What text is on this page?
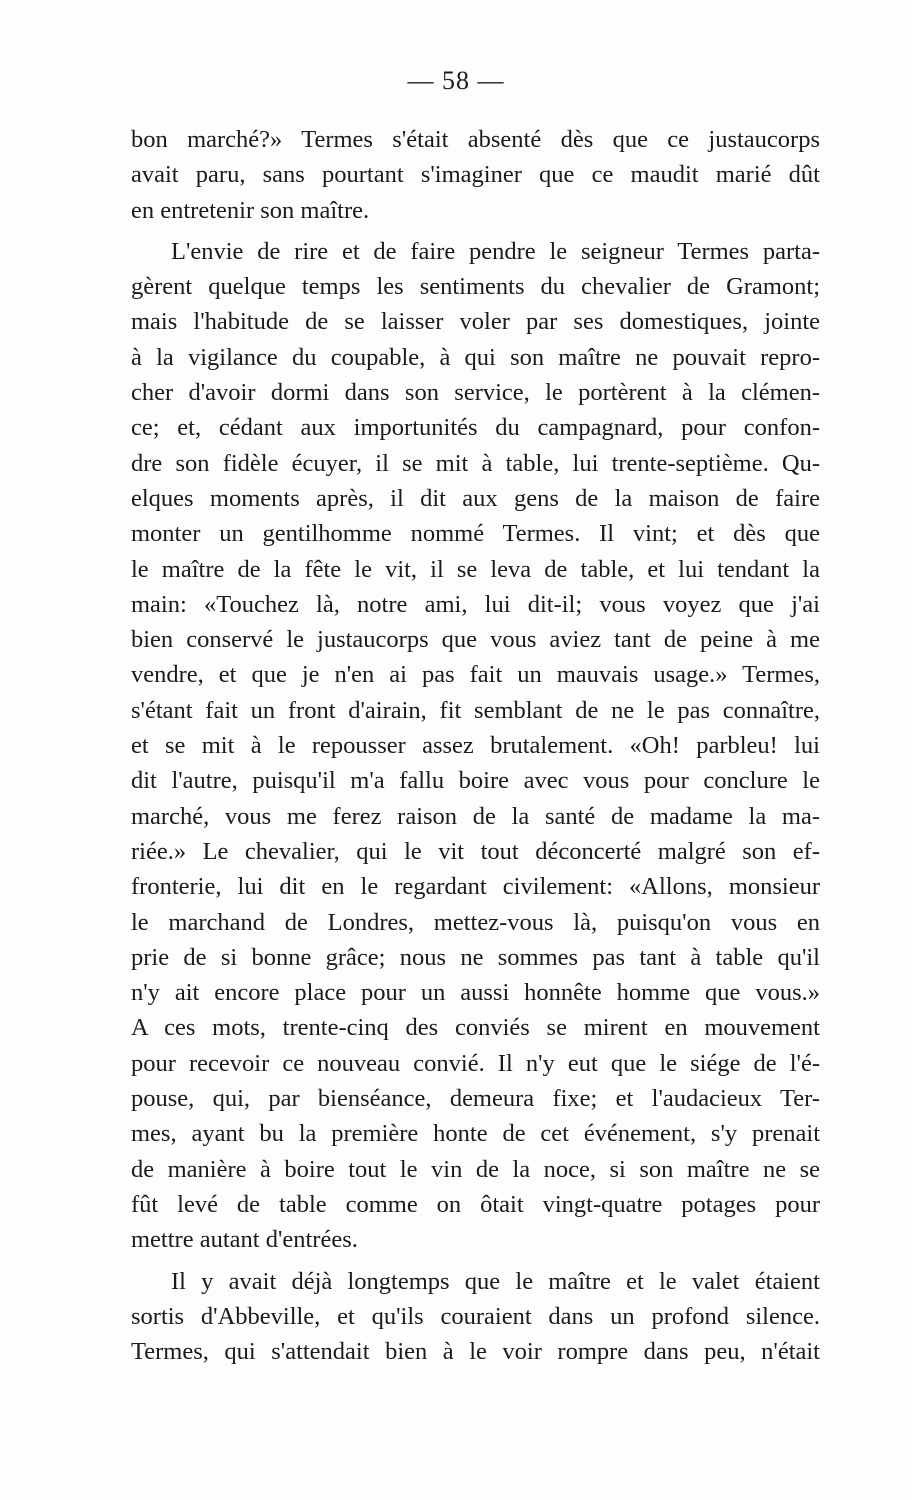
— 58 —
bon marché?» Termes s'était absenté dès que ce justaucorps
avait paru, sans pourtant s'imaginer que ce maudit marié dût
en entretenir son maître.
L'envie de rire et de faire pendre le seigneur Termes parta-
gèrent quelque temps les sentiments du chevalier de Gramont;
mais l'habitude de se laisser voler par ses domestiques, jointe
à la vigilance du coupable, à qui son maître ne pouvait repro-
cher d'avoir dormi dans son service, le portèrent à la clémen-
ce; et, cédant aux importunités du campagnard, pour confon-
dre son fidèle écuyer, il se mit à table, lui trente-septième. Qu-
elques moments après, il dit aux gens de la maison de faire
monter un gentilhomme nommé Termes. Il vint; et dès que
le maître de la fête le vit, il se leva de table, et lui tendant la
main: «Touchez là, notre ami, lui dit-il; vous voyez que j'ai
bien conservé le justaucorps que vous aviez tant de peine à me
vendre, et que je n'en ai pas fait un mauvais usage.» Termes,
s'étant fait un front d'airain, fit semblant de ne le pas connaître,
et se mit à le repousser assez brutalement. «Oh! parbleu! lui
dit l'autre, puisqu'il m'a fallu boire avec vous pour conclure le
marché, vous me ferez raison de la santé de madame la ma-
riée.» Le chevalier, qui le vit tout déconcerté malgré son ef-
fronterie, lui dit en le regardant civilement: «Allons, monsieur
le marchand de Londres, mettez-vous là, puisqu'on vous en
prie de si bonne grâce; nous ne sommes pas tant à table qu'il
n'y ait encore place pour un aussi honnête homme que vous.»
A ces mots, trente-cinq des conviés se mirent en mouvement
pour recevoir ce nouveau convié. Il n'y eut que le siége de l'é-
pouse, qui, par bienséance, demeura fixe; et l'audacieux Ter-
mes, ayant bu la première honte de cet événement, s'y prenait
de manière à boire tout le vin de la noce, si son maître ne se
fût levé de table comme on ôtait vingt-quatre potages pour
mettre autant d'entrées.
Il y avait déjà longtemps que le maître et le valet étaient
sortis d'Abbeville, et qu'ils couraient dans un profond silence.
Termes, qui s'attendait bien à le voir rompre dans peu, n'était
